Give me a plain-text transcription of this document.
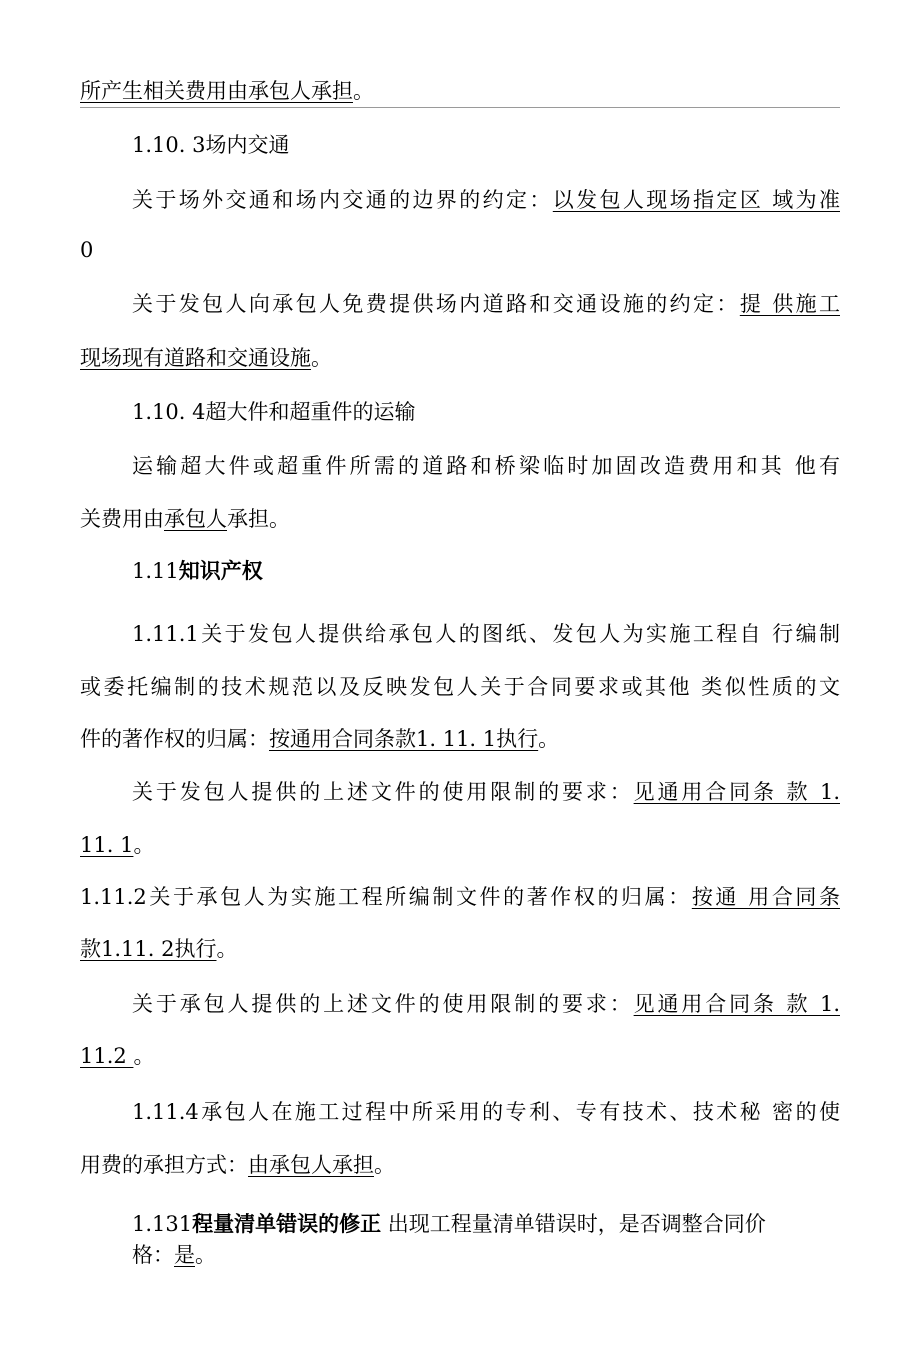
所产生相关费用由承包人承担。
1.10. 3场内交通
关于场外交通和场内交通的边界的约定：以发包人现场指定区 域为准
0
关于发包人向承包人免费提供场内道路和交通设施的约定：提 供施工
现场现有道路和交通设施。
1.10. 4超大件和超重件的运输
运输超大件或超重件所需的道路和桥梁临时加固改造费用和其 他有
关费用由承包人承担。
1.11知识产权
1.11.1关于发包人提供给承包人的图纸、发包人为实施工程自 行编制
或委托编制的技术规范以及反映发包人关于合同要求或其他 类似性质的文
件的著作权的归属：按通用合同条款1. 11. 1执行。
关于发包人提供的上述文件的使用限制的要求：见通用合同条 款 1.
11. 1。
1.11.2关于承包人为实施工程所编制文件的著作权的归属：按通 用合同条
款1.11. 2执行。
关于承包人提供的上述文件的使用限制的要求：见通用合同条 款 1.
11.2 。
1.11.4承包人在施工过程中所采用的专利、专有技术、技术秘 密的使
用费的承担方式：由承包人承担。
1.131程量清单错误的修正 出现工程量清单错误时，是否调整合同价
格：是。
